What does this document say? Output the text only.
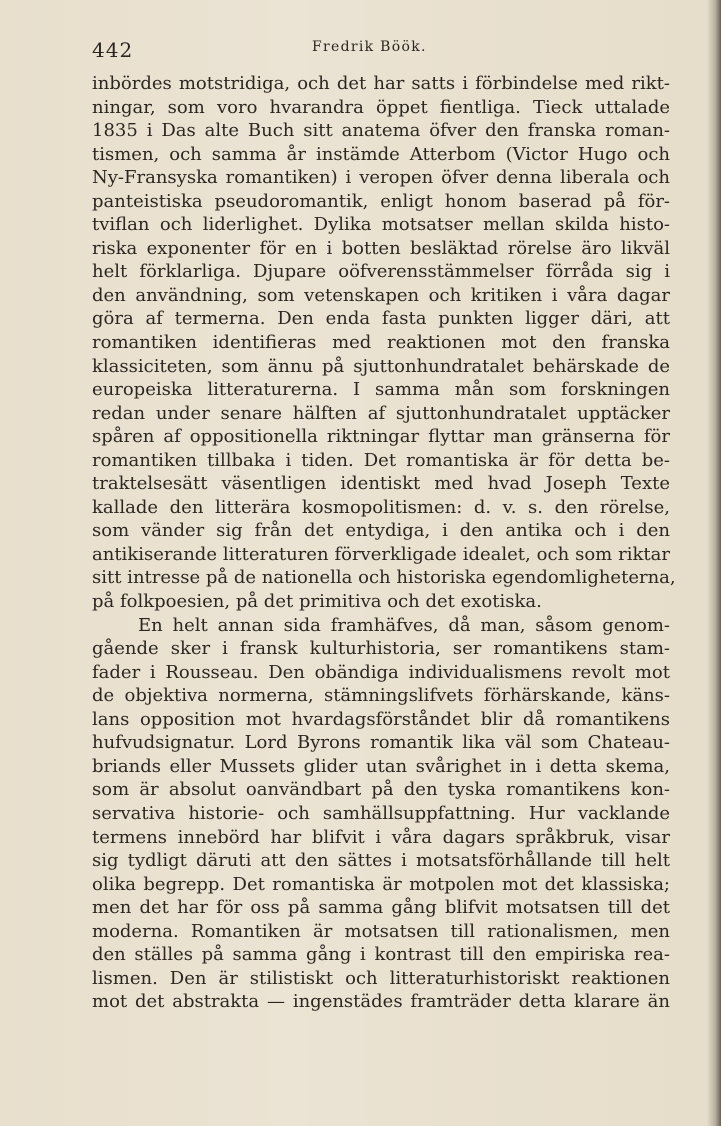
442	Fredrik Böök.
inbördes motstridiga, och det har satts i förbindelse med rikt-
ningar, som voro hvarandra öppet fientliga. Tieck uttalade
1835 i Das alte Buch sitt anatema öfver den franska roman-
tismen, och samma år instämde Atterbom (Victor Hugo och
Ny-Fransyska romantiken) i veropen öfver denna liberala och
panteistiska pseudoromantik, enligt honom baserad på för-
tviflan och liderlighet. Dylika motsatser mellan skilda histo-
riska exponenter för en i botten besläktad rörelse äro likväl
helt förklarliga. Djupare oöfverensstämmelser förråda sig i
den användning, som vetenskapen och kritiken i våra dagar
göra af termerna. Den enda fasta punkten ligger däri, att
romantiken identifieras med reaktionen mot den franska
klassiciteten, som ännu på sjuttonhundratalet behärskade de
europeiska litteraturerna. I samma mån som forskningen
redan under senare hälften af sjuttonhundratalet upptäcker
spåren af oppositionella riktningar flyttar man gränserna för
romantiken tillbaka i tiden. Det romantiska är för detta be-
traktelsesätt väsentligen identiskt med hvad Joseph Texte
kallade den litterära kosmopolitismen: d. v. s. den rörelse,
som vänder sig från det entydiga, i den antika och i den
antikiserande litteraturen förverkligade idealet, och som riktar
sitt intresse på de nationella och historiska egendomligheterna,
på folkpoesien, på det primitiva och det exotiska.
En helt annan sida framhäfves, då man, såsom genom-
gående sker i fransk kulturhistoria, ser romantikens stam-
fader i Rousseau. Den obändiga individualismens revolt mot
de objektiva normerna, stämningslifvets förhärskande, käns-
lans opposition mot hvardagsförståndet blir då romantikens
hufvudsignatur. Lord Byrons romantik lika väl som Chateau-
briands eller Mussets glider utan svårighet in i detta skema,
som är absolut oanvändbart på den tyska romantikens kon-
servativa historie- och samhällsuppfattning. Hur vacklande
termens innebörd har blifvit i våra dagars språkbruk, visar
sig tydligt däruti att den sättes i motsatsförhållande till helt
olika begrepp. Det romantiska är motpolen mot det klassiska;
men det har för oss på samma gång blifvit motsatsen till det
moderna. Romantiken är motsatsen till rationalismen, men
den ställes på samma gång i kontrast till den empiriska rea-
lismen. Den är stilistiskt och litteraturhistoriskt reaktionen
mot det abstrakta — ingenstädes framträder detta klarare än
